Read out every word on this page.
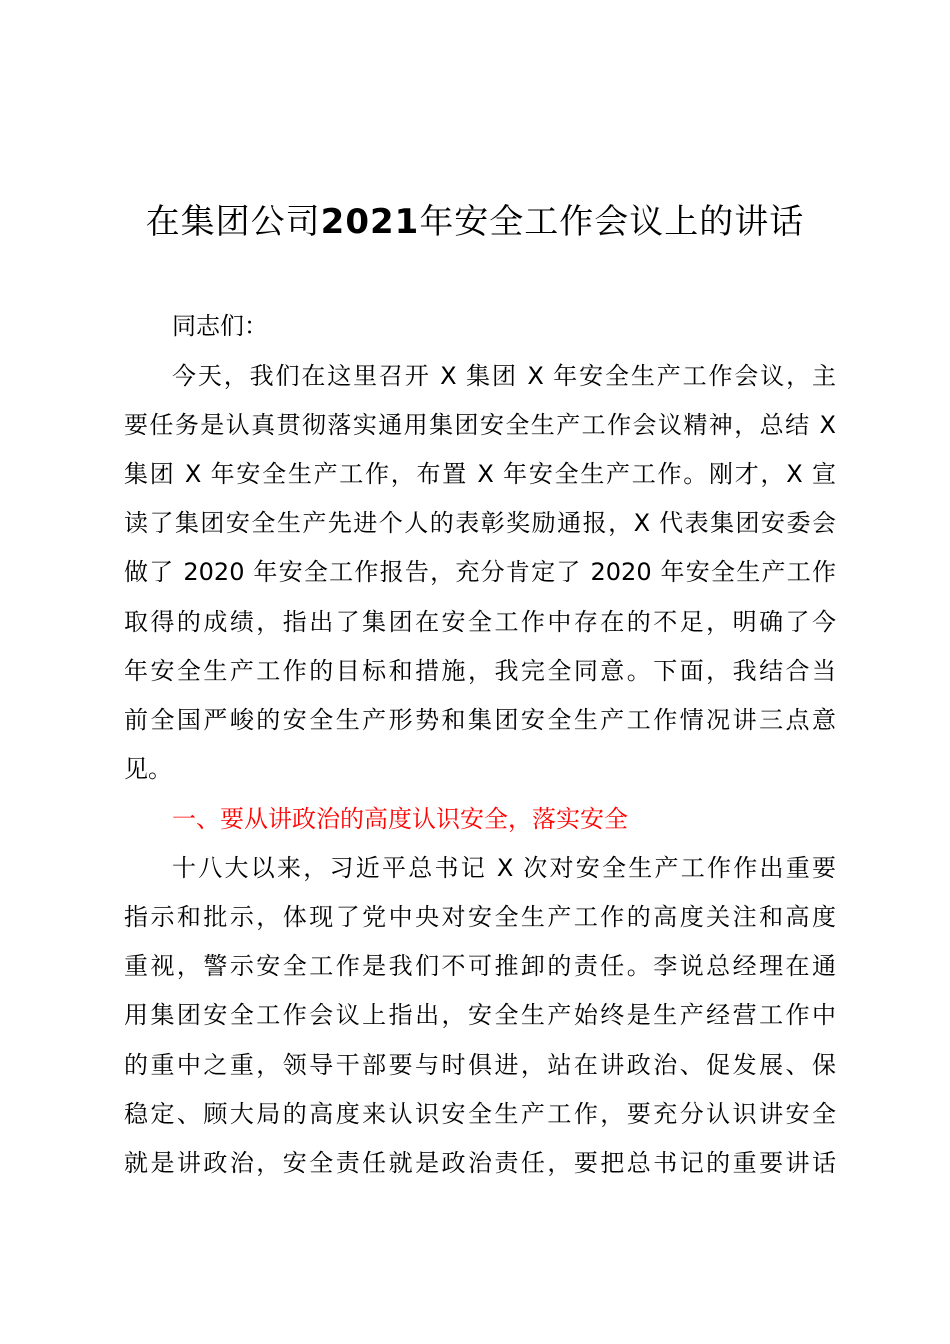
在集团公司2021年安全工作会议上的讲话
同志们：
今天，我们在这里召开 X 集团 X 年安全生产工作会议，主
要任务是认真贯彻落实通用集团安全生产工作会议精神，总结 X
集团 X 年安全生产工作，布置 X 年安全生产工作。刚才，X 宣
读了集团安全生产先进个人的表彰奖励通报，X 代表集团安委会
做了 2020 年安全工作报告，充分肯定了 2020 年安全生产工作
取得的成绩，指出了集团在安全工作中存在的不足，明确了今
年安全生产工作的目标和措施，我完全同意。下面，我结合当
前全国严峻的安全生产形势和集团安全生产工作情况讲三点意
见。
一、要从讲政治的高度认识安全，落实安全
十八大以来，习近平总书记 X 次对安全生产工作作出重要
指示和批示，体现了党中央对安全生产工作的高度关注和高度
重视，警示安全工作是我们不可推卸的责任。李说总经理在通
用集团安全工作会议上指出，安全生产始终是生产经营工作中
的重中之重，领导干部要与时俱进，站在讲政治、促发展、保
稳定、顾大局的高度来认识安全生产工作，要充分认识讲安全
就是讲政治，安全责任就是政治责任，要把总书记的重要讲话
